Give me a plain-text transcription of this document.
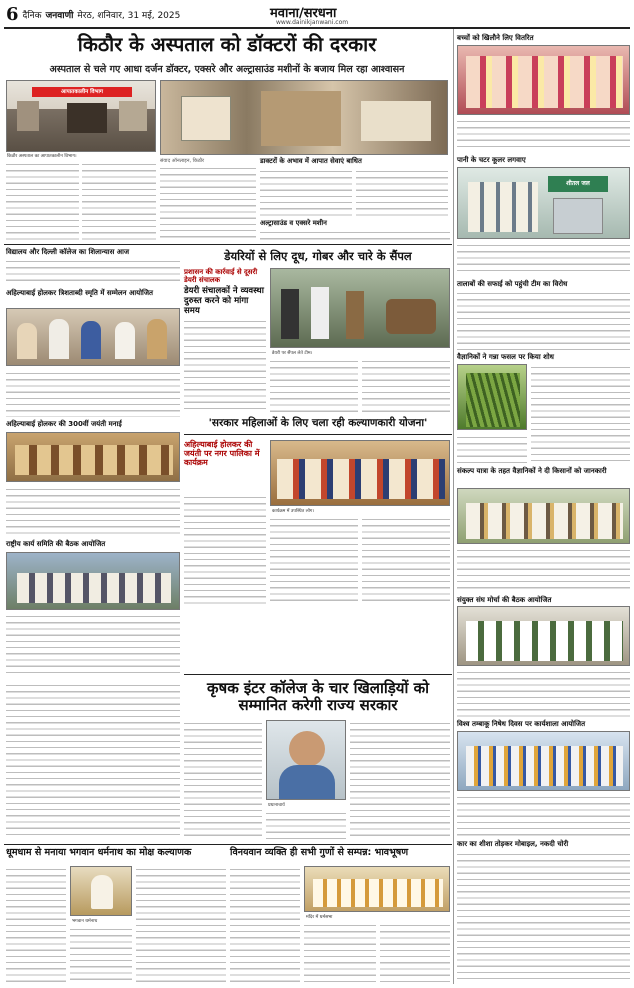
6 दैनिक जनवाणी मेरठ, शनिवार, 31 मई, 2025	मवाना/सरधना
www.dainikjanwani.com
किठौर के अस्पताल को डॉक्टरों की दरकार
अस्पताल से चले गए आधा दर्जन डॉक्टर, एक्सरे और अल्ट्रासाउंड मशीनों के बजाय मिल रहा आश्वासन
आपातकालीन विभाग
किठौर अस्पताल का आपातकालीन विभाग।
संवाद ऑनलाइन, किठौर	डाक्टरों के अभाव में आपात सेवाएं बाधित
अल्ट्रासाउंड व एक्सरे मशीन
विद्यालय और दिल्ली कॉलेज का शिलान्यास आज
अहिल्याबाई होलकर त्रिशताब्दी स्मृति में सम्मेलन आयोजित
अहिल्याबाई होलकर की 300वीं जयंती मनाई
राष्ट्रीय कार्य समिति की बैठक आयोजित
डेयरियों से लिए दूध, गोबर और चारे के सैंपल
प्रशासन की कार्रवाई से दूसरी डेयरी संचालक
डेयरी संचालकों ने व्यवस्था दुरुस्त करने को मांगा समय
डेयरी पर सैंपल लेते टीम।
'सरकार महिलाओं के लिए चला रही कल्याणकारी योजना'
अहिल्याबाई होलकर की जयंती पर नगर पालिका में कार्यक्रम
कार्यक्रम में उपस्थित लोग।
कृषक इंटर कॉलेज के चार खिलाड़ियों को सम्मानित करेगी राज्य सरकार
प्रधानाचार्य
धूमधाम से मनाया भगवान धर्मनाथ का मोक्ष कल्याणक
भगवान धर्मनाथ
विनयवान व्यक्ति ही सभी गुणों से सम्पन्न: भावभूषण
मंदिर में धर्मसभा
बच्चों को खिलौने लिए वितरित
पानी के चटर कूलर लगवाए
शीतल जल
तालाबों की सफाई को पहुंची टीम का विरोध
वैज्ञानिकों ने गन्ना फसल पर किया शोध
संकल्प यात्रा के तहत वैज्ञानिकों ने दी किसानों को जानकारी
संयुक्त संघ मोर्चा की बैठक आयोजित
विश्व तम्बाकू निषेध दिवस पर कार्यशाला आयोजित
कार का शीशा तोड़कर मोबाइल, नकदी चोरी
